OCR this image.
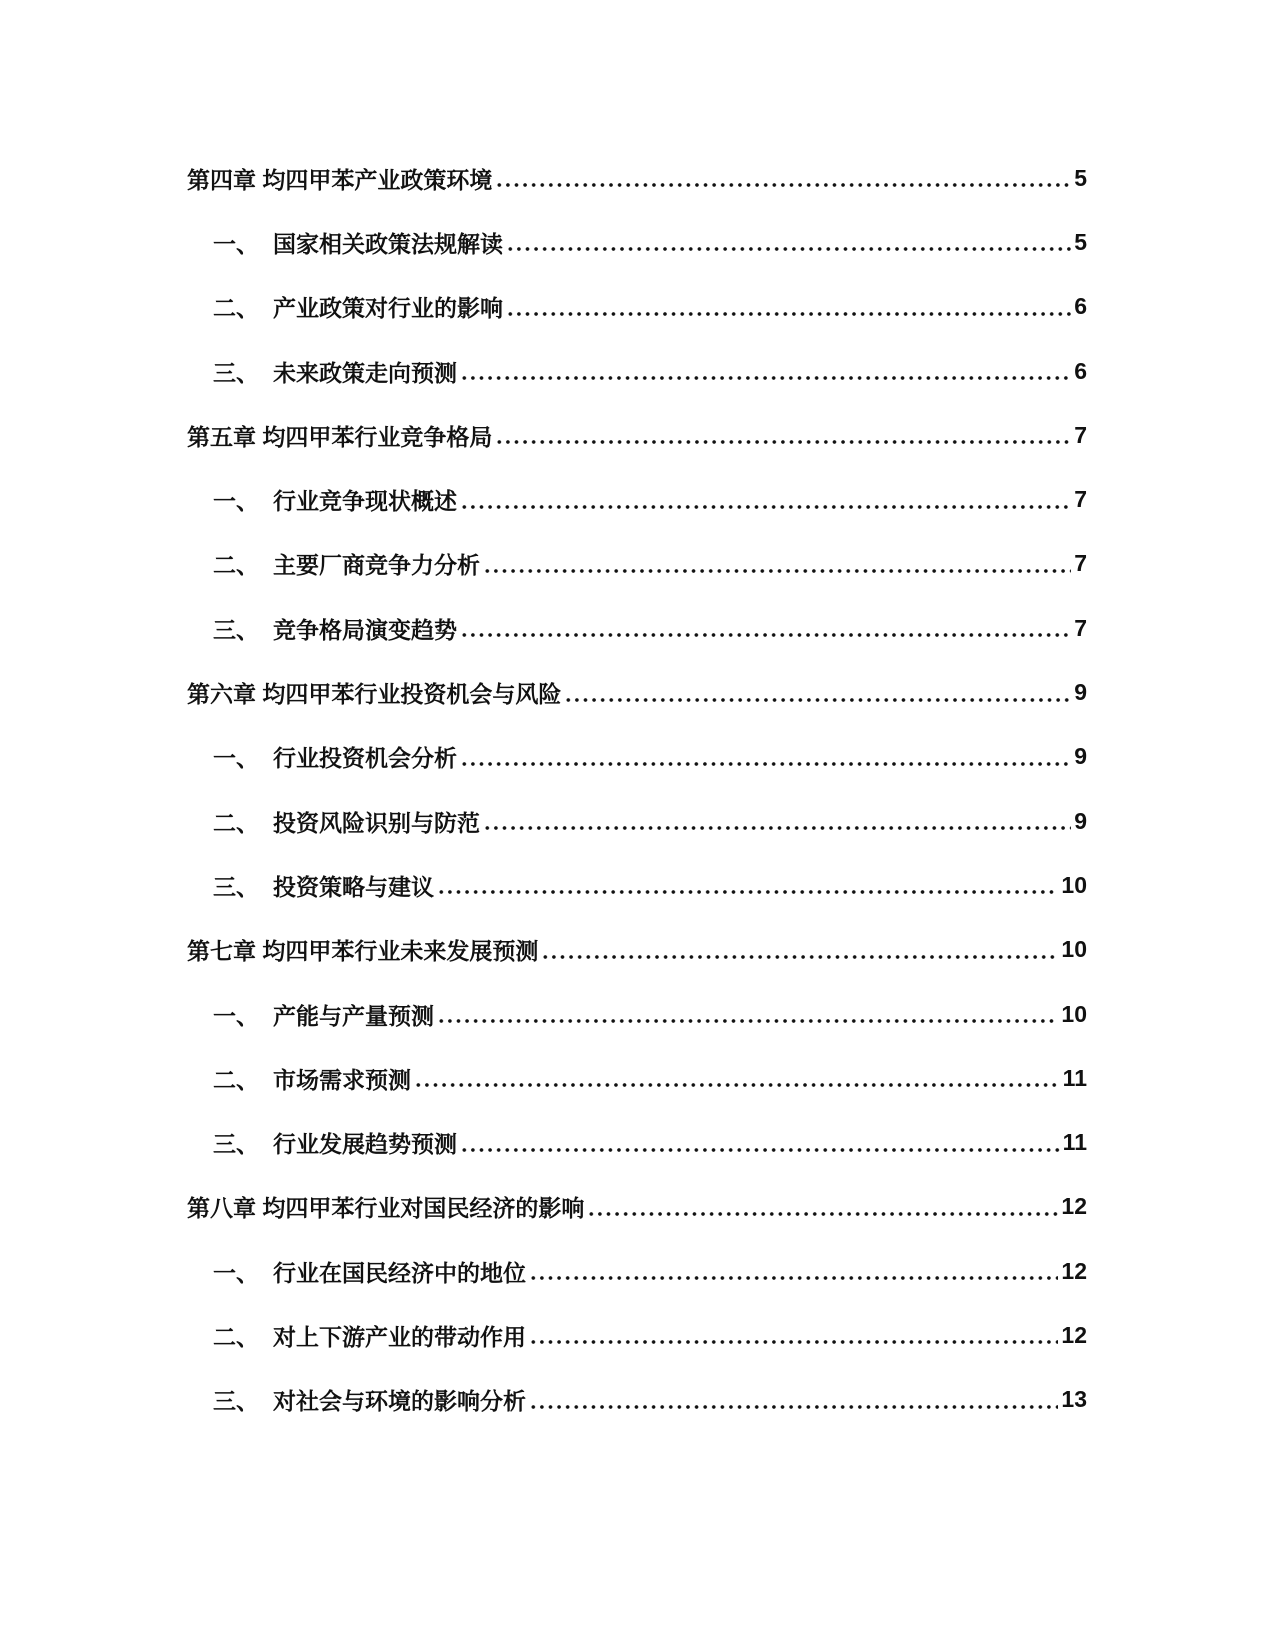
第四章 均四甲苯产业政策环境	5
一、 国家相关政策法规解读	5
二、 产业政策对行业的影响	6
三、 未来政策走向预测	6
第五章 均四甲苯行业竞争格局	7
一、 行业竞争现状概述	7
二、 主要厂商竞争力分析	7
三、 竞争格局演变趋势	7
第六章 均四甲苯行业投资机会与风险	9
一、 行业投资机会分析	9
二、 投资风险识别与防范	9
三、 投资策略与建议	10
第七章 均四甲苯行业未来发展预测	10
一、 产能与产量预测	10
二、 市场需求预测	11
三、 行业发展趋势预测	11
第八章 均四甲苯行业对国民经济的影响	12
一、 行业在国民经济中的地位	12
二、 对上下游产业的带动作用	12
三、 对社会与环境的影响分析	13
